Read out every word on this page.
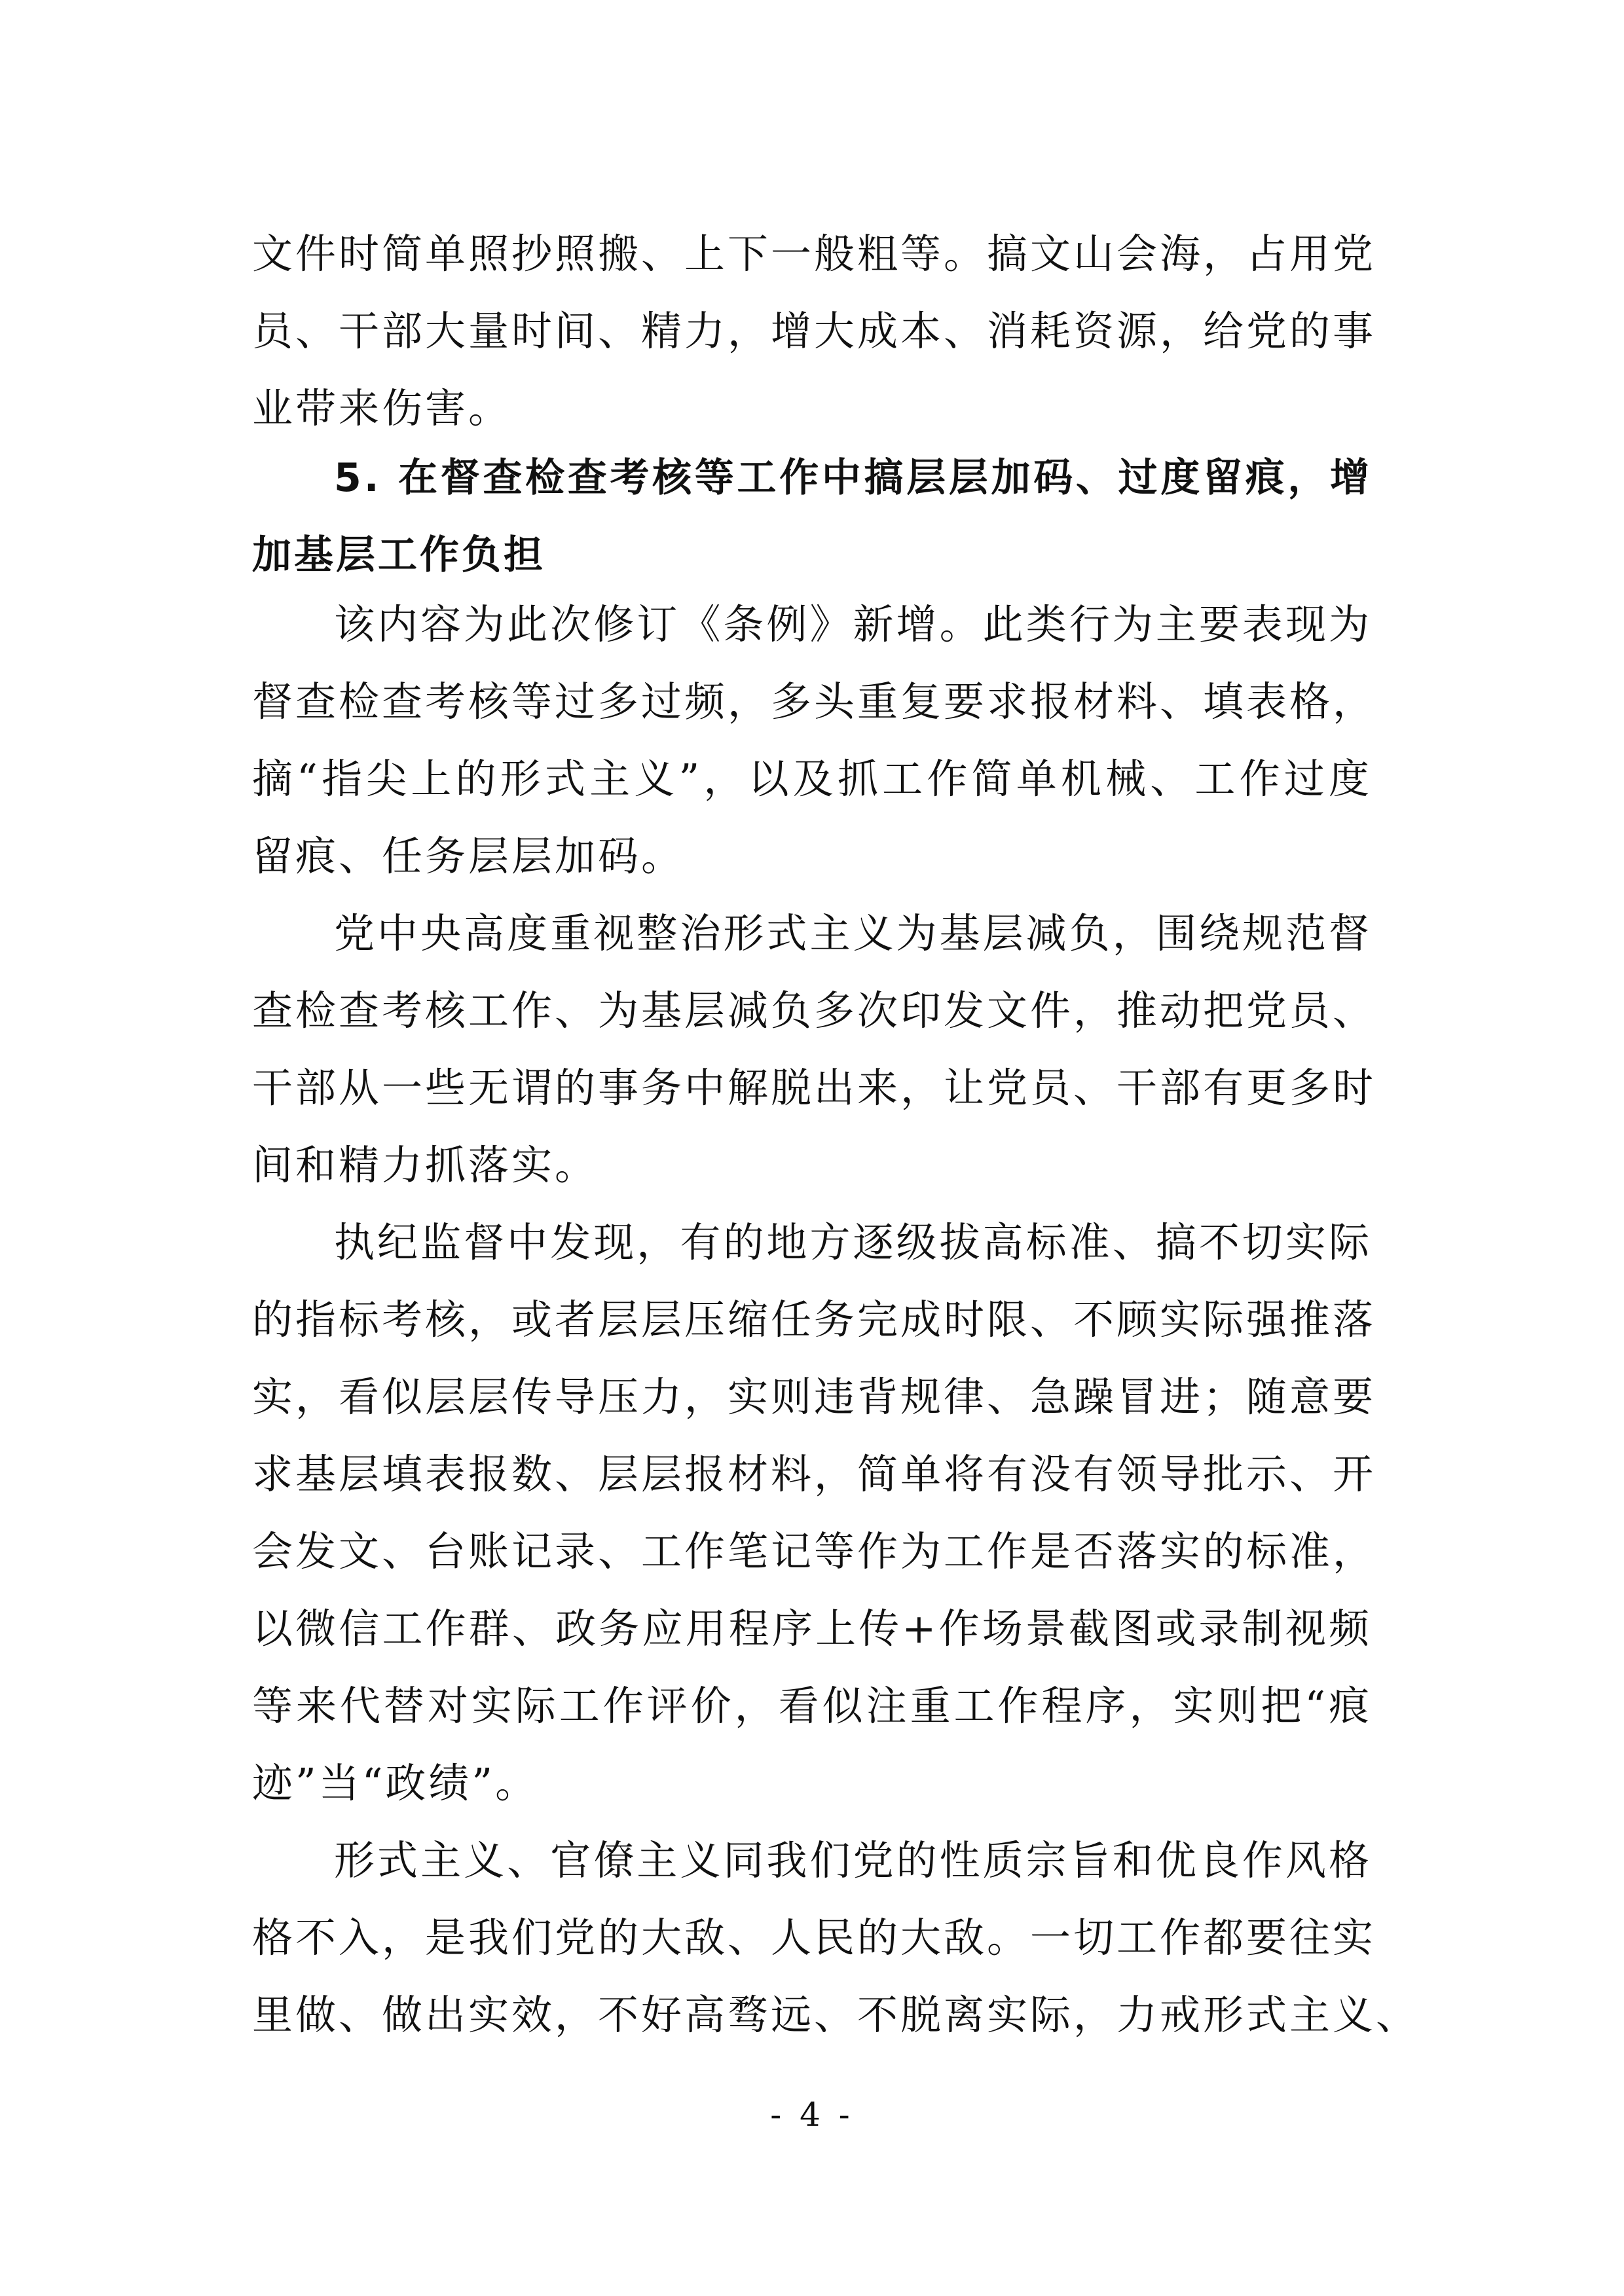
文件时简单照抄照搬、上下一般粗等。搞文山会海，占用党

员、干部大量时间、精力，增大成本、消耗资源，给党的事

业带来伤害。

5. 在督查检查考核等工作中搞层层加码、过度留痕，增

加基层工作负担

该内容为此次修订《条例》新增。此类行为主要表现为

督查检查考核等过多过频，多头重复要求报材料、填表格，

摘“指尖上的形式主义”，以及抓工作简单机械、工作过度

留痕、任务层层加码。

党中央高度重视整治形式主义为基层减负，围绕规范督

查检查考核工作、为基层减负多次印发文件，推动把党员、

干部从一些无谓的事务中解脱出来，让党员、干部有更多时

间和精力抓落实。

执纪监督中发现，有的地方逐级拔高标准、搞不切实际

的指标考核，或者层层压缩任务完成时限、不顾实际强推落

实，看似层层传导压力，实则违背规律、急躁冒进；随意要

求基层填表报数、层层报材料，简单将有没有领导批示、开

会发文、台账记录、工作笔记等作为工作是否落实的标准，

以微信工作群、政务应用程序上传+作场景截图或录制视频

等来代替对实际工作评价，看似注重工作程序，实则把“痕

迹”当“政绩”。

形式主义、官僚主义同我们党的性质宗旨和优良作风格

格不入，是我们党的大敌、人民的大敌。一切工作都要往实

里做、做出实效，不好高骛远、不脱离实际，力戒形式主义、

- 4 -
